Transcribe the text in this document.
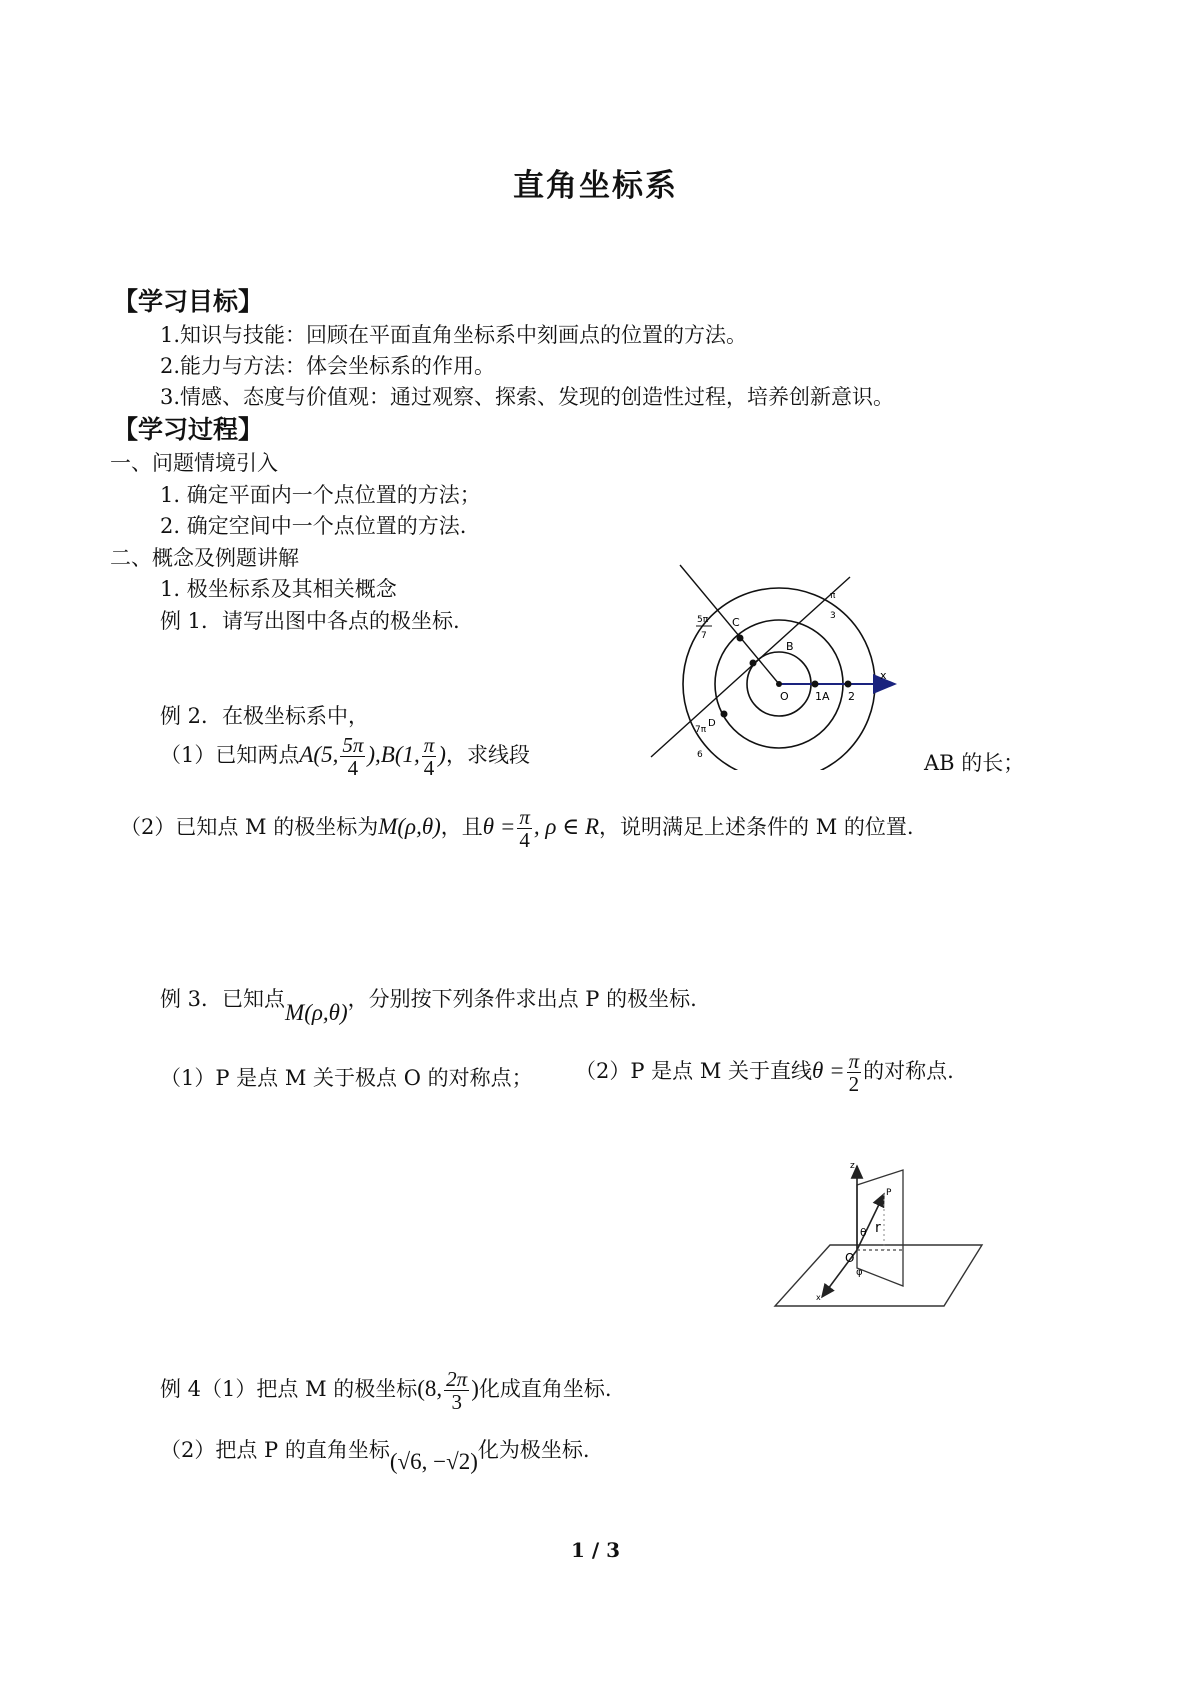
直角坐标系
【学习目标】
1.知识与技能：回顾在平面直角坐标系中刻画点的位置的方法。
2.能力与方法：体会坐标系的作用。
3.情感、态度与价值观：通过观察、探索、发现的创造性过程，培养创新意识。
【学习过程】
一、问题情境引入
1. 确定平面内一个点位置的方法；
2. 确定空间中一个点位置的方法.
二、概念及例题讲解
1. 极坐标系及其相关概念
例 1．请写出图中各点的极坐标.
例 2．在极坐标系中，
（1）已知两点A(5, $\frac{5\pi}{4} ),B(1$, $\frac{\pi}{4}$ )，求线段	AB 的长；
（2）已知点 M 的极坐标为M(ρ,θ)，且$\theta = \frac{\pi}{4}$ , ρ ∈ R，说明满足上述条件的 M 的位置.
例 3．已知点M(ρ,θ)，分别按下列条件求出点 P 的极坐标.
（1）P 是点 M 关于极点 O 的对称点； （2）P 是点 M 关于直线$\theta = \frac{\pi}{2}$ 的对称点.
例 4（1）把点 M 的极坐标(8, $\frac{2\pi}{3}$ )化成直角坐标.
（2）把点 P 的直角坐标(√6, −√2)化为极坐标.
C
B
O 1A 2
x
D
5π
7
π
3
7π
6
z
P
θ r
O
φ
x
1 / 3
